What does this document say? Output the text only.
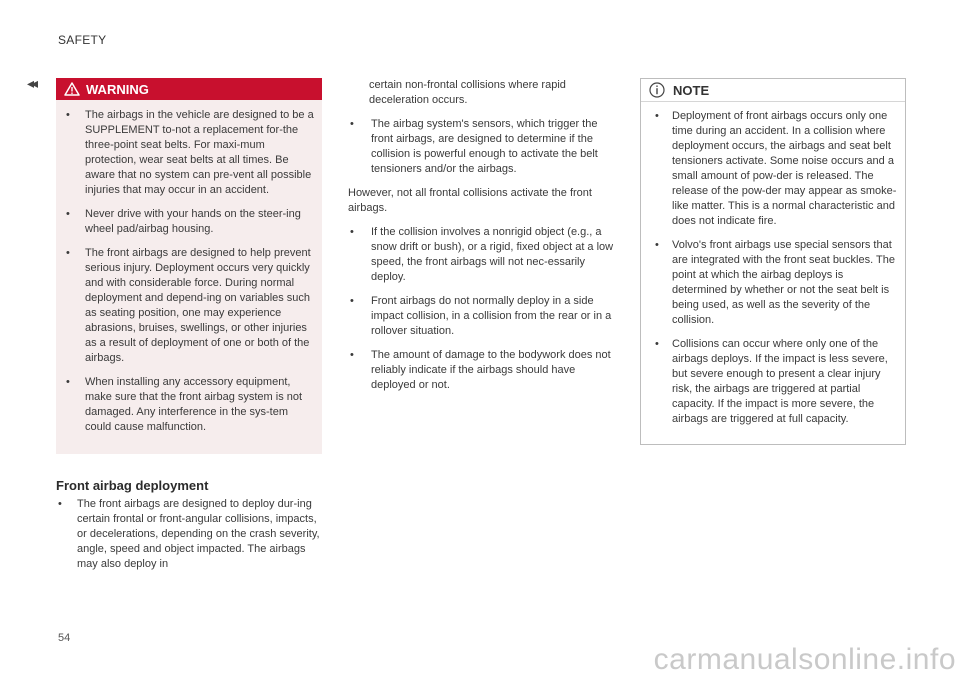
SAFETY
◂◂	WARNING
• The airbags in the vehicle are designed to be a SUPPLEMENT to-not a replacement for-the three-point seat belts. For maxi-mum protection, wear seat belts at all times. Be aware that no system can pre-vent all possible injuries that may occur in an accident.
• Never drive with your hands on the steer-ing wheel pad/airbag housing.
• The front airbags are designed to help prevent serious injury. Deployment occurs very quickly and with considerable force. During normal deployment and depend-ing on variables such as seating position, one may experience abrasions, bruises, swellings, or other injuries as a result of deployment of one or both of the airbags.
• When installing any accessory equipment, make sure that the front airbag system is not damaged. Any interference in the sys-tem could cause malfunction.
Front airbag deployment
• The front airbags are designed to deploy dur-ing certain frontal or front-angular collisions, impacts, or decelerations, depending on the crash severity, angle, speed and object impacted. The airbags may also deploy in

certain non-frontal collisions where rapid deceleration occurs.

• The airbag system's sensors, which trigger the front airbags, are designed to determine if the collision is powerful enough to activate the belt tensioners and/or the airbags.

However, not all frontal collisions activate the front airbags.

• If the collision involves a nonrigid object (e.g., a snow drift or bush), or a rigid, fixed object at a low speed, the front airbags will not nec-essarily deploy.
• Front airbags do not normally deploy in a side impact collision, in a collision from the rear or in a rollover situation.
• The amount of damage to the bodywork does not reliably indicate if the airbags should have deployed or not.
NOTE
• Deployment of front airbags occurs only one time during an accident. In a collision where deployment occurs, the airbags and seat belt tensioners activate. Some noise occurs and a small amount of pow-der is released. The release of the pow-der may appear as smoke-like matter. This is a normal characteristic and does not indicate fire.
• Volvo's front airbags use special sensors that are integrated with the front seat buckles. The point at which the airbag deploys is determined by whether or not the seat belt is being used, as well as the severity of the collision.
• Collisions can occur where only one of the airbags deploys. If the impact is less severe, but severe enough to present a clear injury risk, the airbags are triggered at partial capacity. If the impact is more severe, the airbags are triggered at full capacity.
54
carmanualsonline.info
